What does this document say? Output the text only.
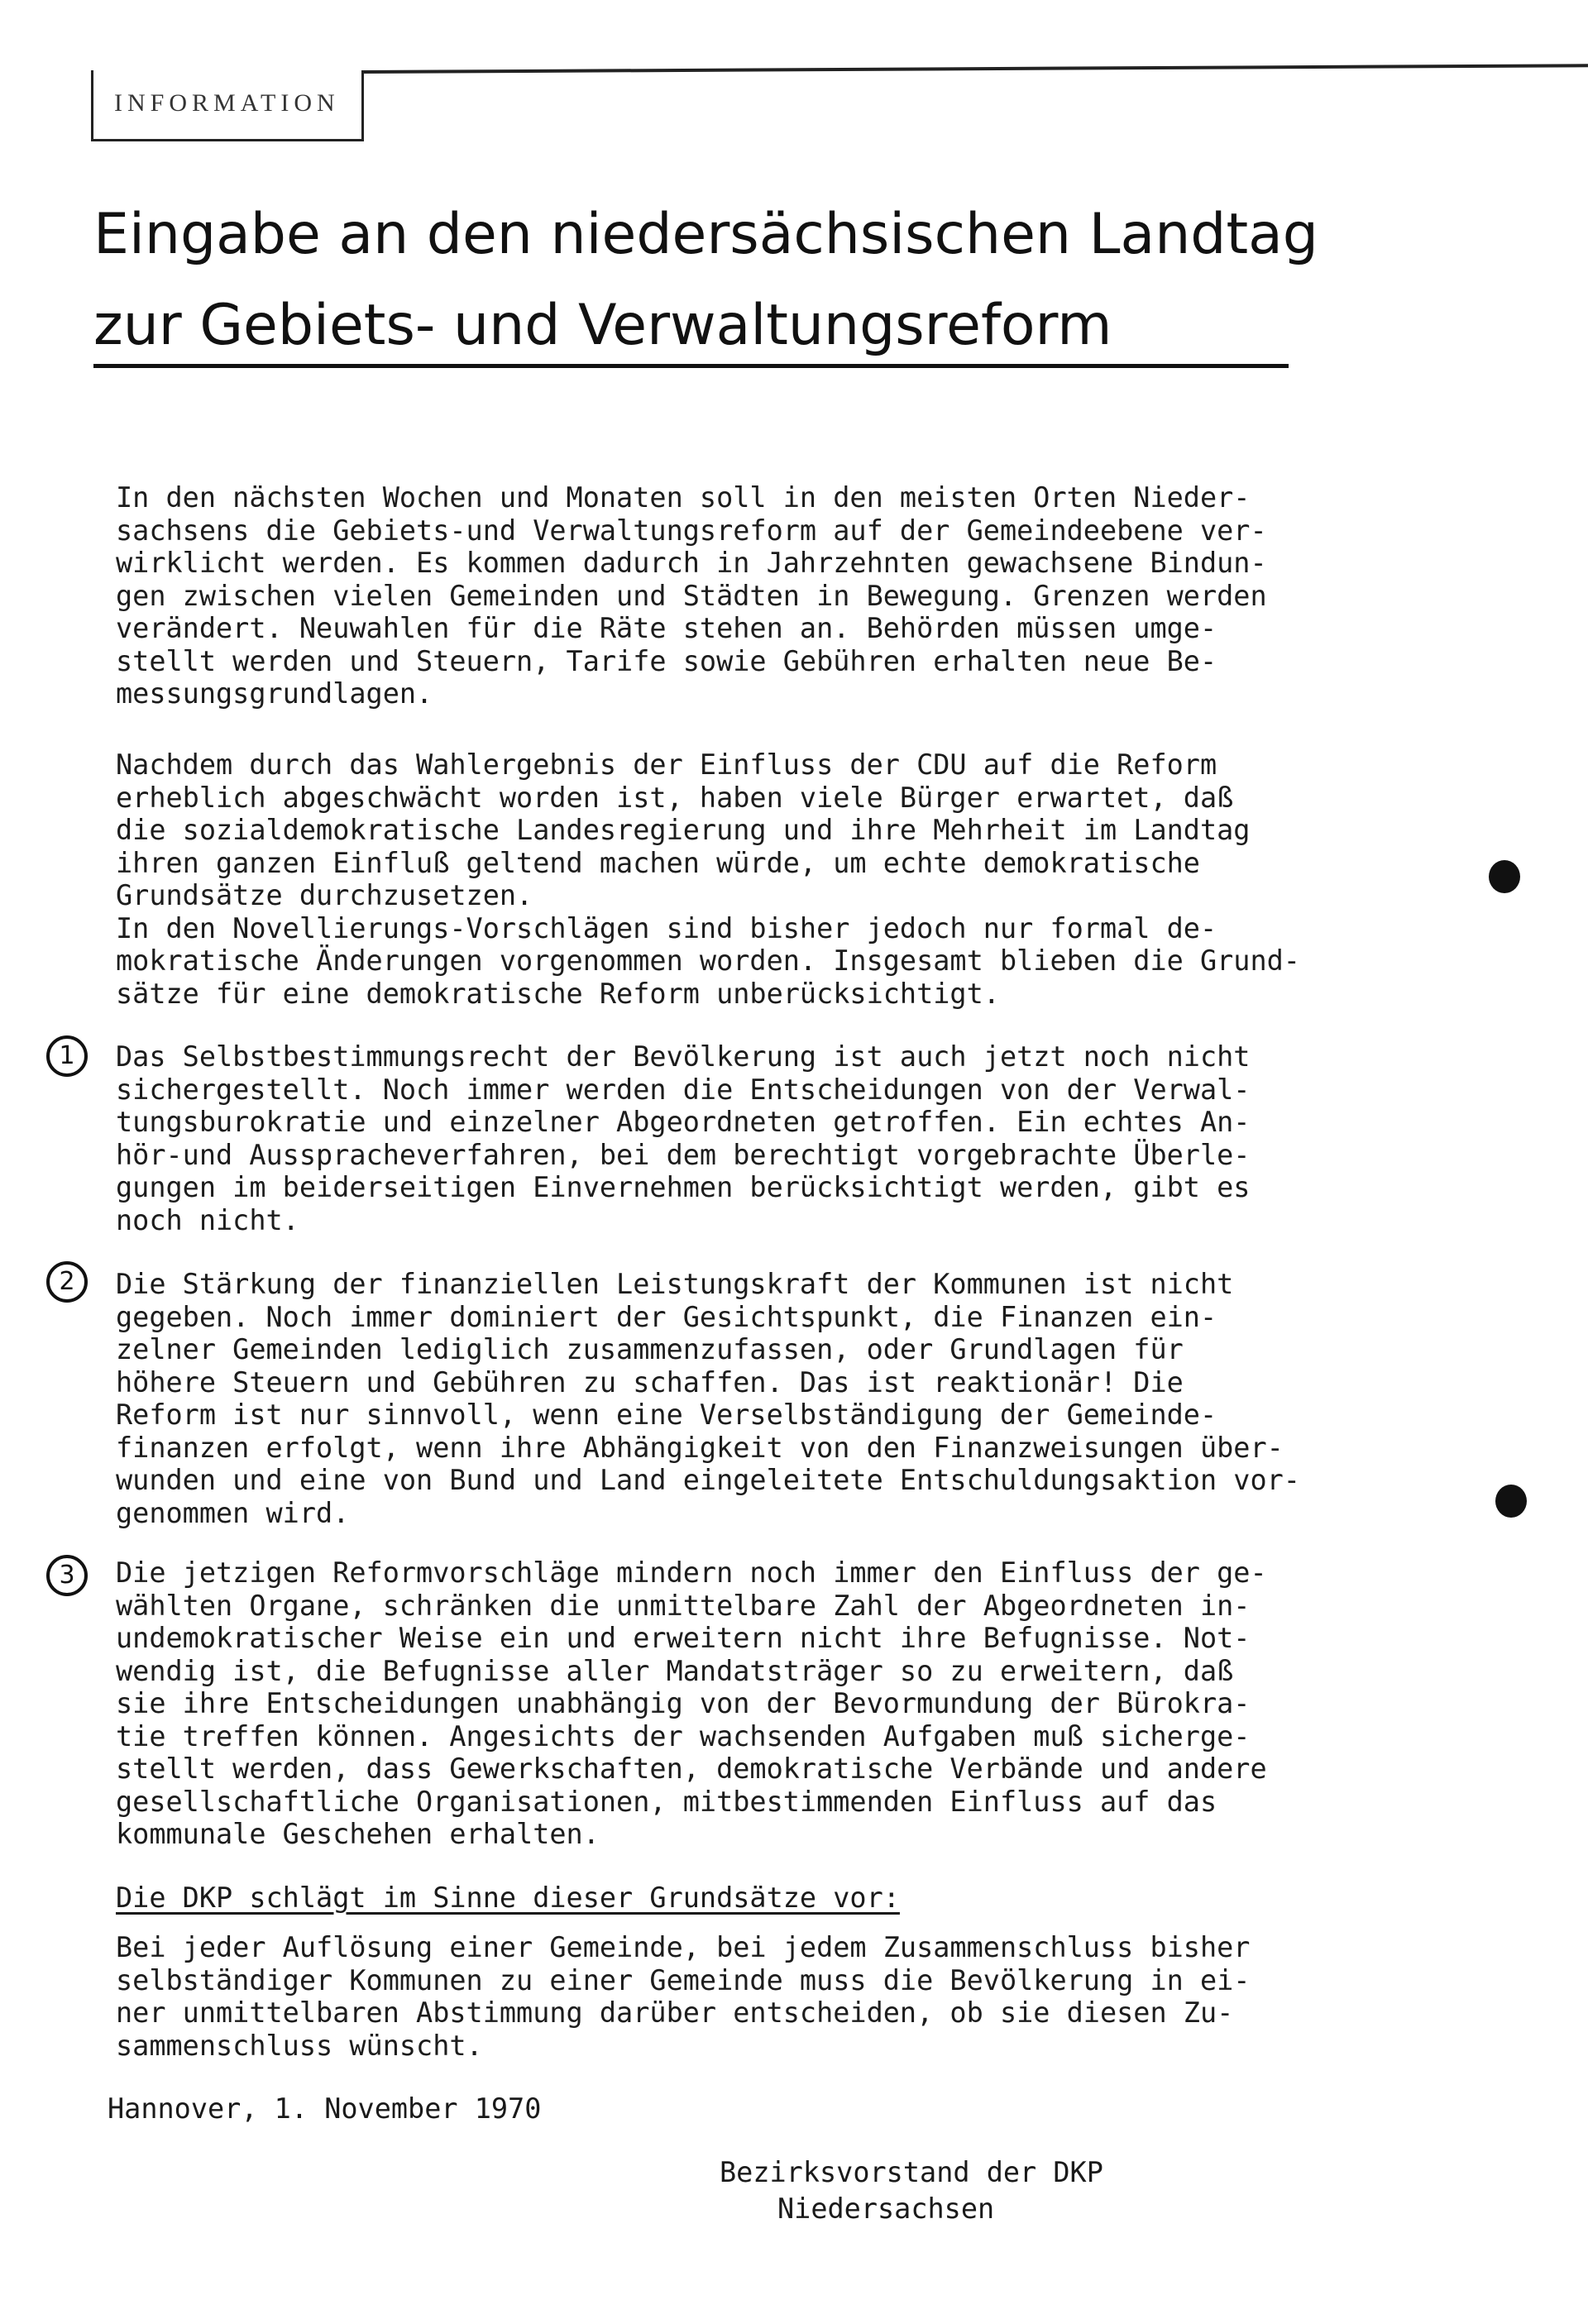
INFORMATION
Eingabe an den niedersächsischen Landtag
zur Gebiets- und Verwaltungsreform

In den nächsten Wochen und Monaten soll in den meisten Orten Nieder-
sachsens die Gebiets-und Verwaltungsreform auf der Gemeindeebene ver-
wirklicht werden. Es kommen dadurch in Jahrzehnten gewachsene Bindun-
gen zwischen vielen Gemeinden und Städten in Bewegung. Grenzen werden
verändert. Neuwahlen für die Räte stehen an. Behörden müssen umge-
stellt werden und Steuern, Tarife sowie Gebühren erhalten neue Be-
messungsgrundlagen.

Nachdem durch das Wahlergebnis der Einfluss der CDU auf die Reform
erheblich abgeschwächt worden ist, haben viele Bürger erwartet, daß
die sozialdemokratische Landesregierung und ihre Mehrheit im Landtag
ihren ganzen Einfluß geltend machen würde, um echte demokratische
Grundsätze durchzusetzen.
In den Novellierungs-Vorschlägen sind bisher jedoch nur formal de-
mokratische Änderungen vorgenommen worden. Insgesamt blieben die Grund-
sätze für eine demokratische Reform unberücksichtigt.

1	Das Selbstbestimmungsrecht der Bevölkerung ist auch jetzt noch nicht
sichergestellt. Noch immer werden die Entscheidungen von der Verwal-
tungsburokratie und einzelner Abgeordneten getroffen. Ein echtes An-
hör-und Ausspracheverfahren, bei dem berechtigt vorgebrachte Überle-
gungen im beiderseitigen Einvernehmen berücksichtigt werden, gibt es
noch nicht.

2	Die Stärkung der finanziellen Leistungskraft der Kommunen ist nicht
gegeben. Noch immer dominiert der Gesichtspunkt, die Finanzen ein-
zelner Gemeinden lediglich zusammenzufassen, oder Grundlagen für
höhere Steuern und Gebühren zu schaffen. Das ist reaktionär! Die
Reform ist nur sinnvoll, wenn eine Verselbständigung der Gemeinde-
finanzen erfolgt, wenn ihre Abhängigkeit von den Finanzweisungen über-
wunden und eine von Bund und Land eingeleitete Entschuldungsaktion vor-
genommen wird.

3	Die jetzigen Reformvorschläge mindern noch immer den Einfluss der ge-
wählten Organe, schränken die unmittelbare Zahl der Abgeordneten in-
undemokratischer Weise ein und erweitern nicht ihre Befugnisse. Not-
wendig ist, die Befugnisse aller Mandatsträger so zu erweitern, daß
sie ihre Entscheidungen unabhängig von der Bevormundung der Bürokra-
tie treffen können. Angesichts der wachsenden Aufgaben muß sicherge-
stellt werden, dass Gewerkschaften, demokratische Verbände und andere
gesellschaftliche Organisationen, mitbestimmenden Einfluss auf das
kommunale Geschehen erhalten.

Die DKP schlägt im Sinne dieser Grundsätze vor:

Bei jeder Auflösung einer Gemeinde, bei jedem Zusammenschluss bisher
selbständiger Kommunen zu einer Gemeinde muss die Bevölkerung in ei-
ner unmittelbaren Abstimmung darüber entscheiden, ob sie diesen Zu-
sammenschluss wünscht.

Hannover, 1. November 1970
Bezirksvorstand der DKP
Niedersachsen
